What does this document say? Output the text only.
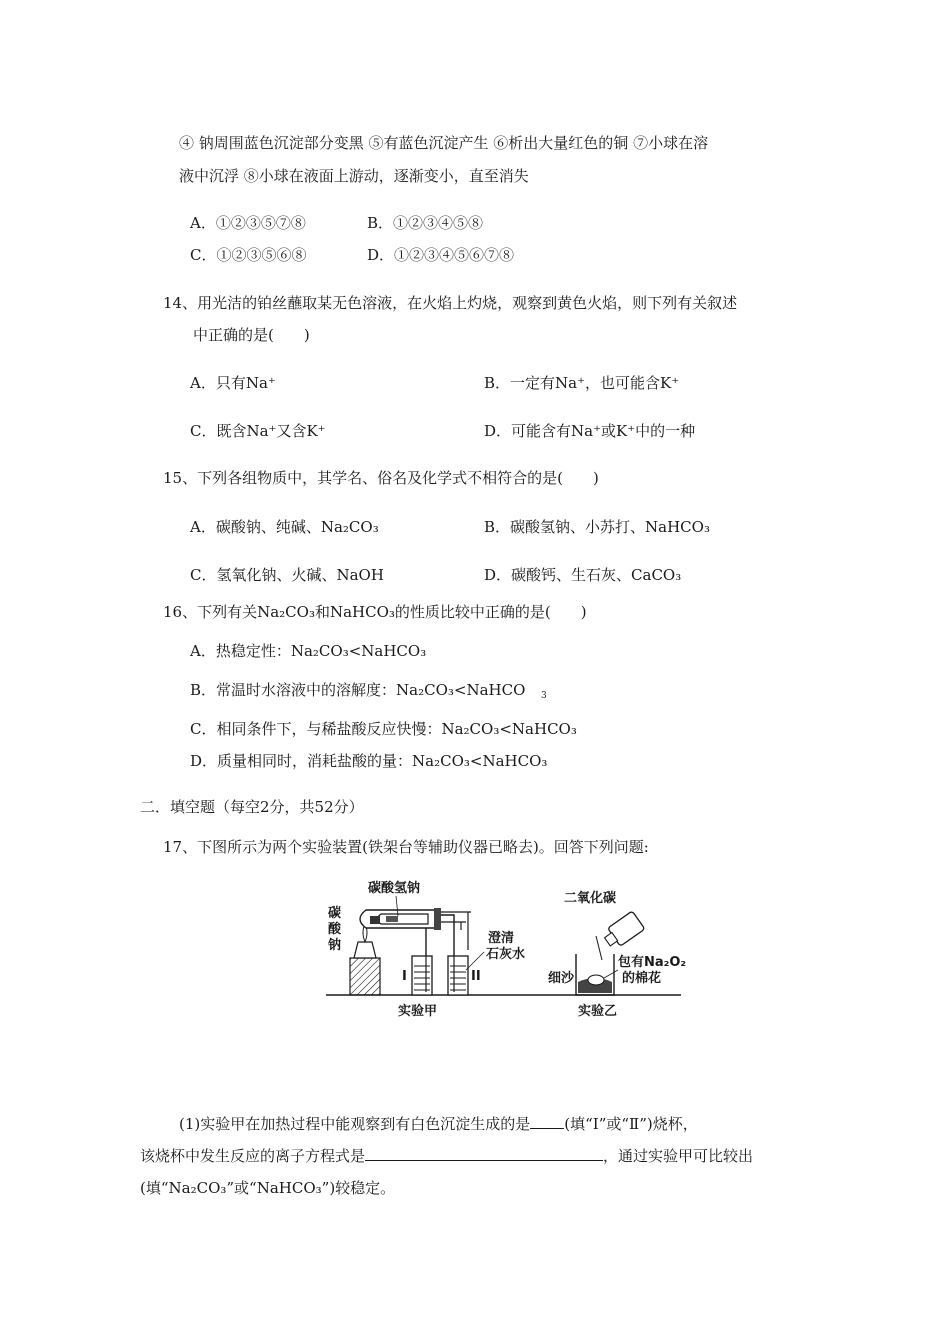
④ 钠周围蓝色沉淀部分变黑 ⑤有蓝色沉淀产生 ⑥析出大量红色的铜 ⑦小球在溶
液中沉浮 ⑧小球在液面上游动，逐渐变小，直至消失
A．①②③⑤⑦⑧	B．①②③④⑤⑧
C．①②③⑤⑥⑧	D．①②③④⑤⑥⑦⑧
14、用光洁的铂丝蘸取某无色溶液，在火焰上灼烧，观察到黄色火焰，则下列有关叙述
中正确的是(　　)
A．只有Na⁺	B．一定有Na⁺，也可能含K⁺
C．既含Na⁺又含K⁺	D．可能含有Na⁺或K⁺中的一种
15、下列各组物质中，其学名、俗名及化学式不相符合的是(　　)
A．碳酸钠、纯碱、Na₂CO₃	B．碳酸氢钠、小苏打、NaHCO₃
C．氢氧化钠、火碱、NaOH	D．碳酸钙、生石灰、CaCO₃
16、下列有关Na₂CO₃和NaHCO₃的性质比较中正确的是(　　)
A．热稳定性：Na₂CO₃<NaHCO₃
B．常温时水溶液中的溶解度：Na₂CO₃<NaHCO 3
C．相同条件下，与稀盐酸反应快慢：Na₂CO₃<NaHCO₃
D．质量相同时，消耗盐酸的量：Na₂CO₃<NaHCO₃
二．填空题（每空2分，共52分）
17、下图所示为两个实验装置(铁架台等辅助仪器已略去)。回答下列问题:
碳酸氢钠
碳
酸
钠	澄清
石灰水
I	II
实验甲
二氧化碳
细沙
包有Na₂O₂
的棉花
实验乙
(1)实验甲在加热过程中能观察到有白色沉淀生成的是 (填“Ⅰ”或“Ⅱ”)烧杯，
该烧杯中发生反应的离子方程式是	，通过实验甲可比较出
(填“Na₂CO₃”或“NaHCO₃”)较稳定。
